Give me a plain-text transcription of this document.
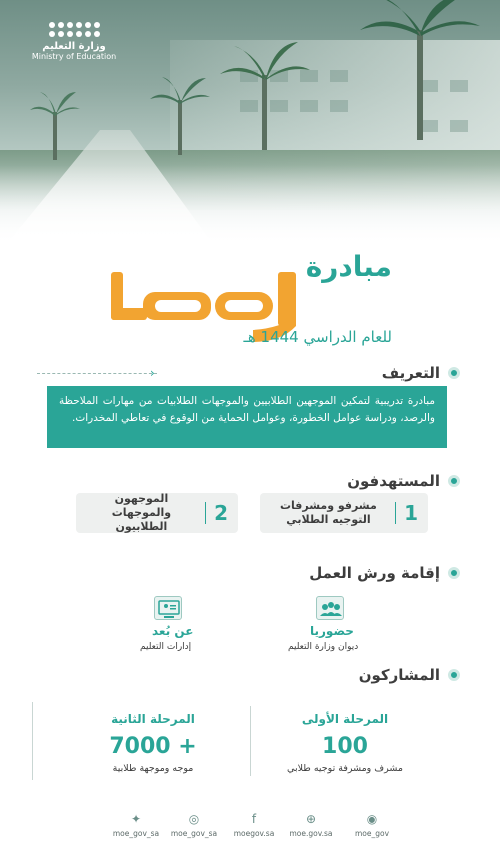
وزارة التعليم
Ministry of Education
مبادرة
للعام الدراسي 1444 هـ
›	التعريف
مبادرة تدريبية لتمكين الموجهين الطلابيين والموجهات الطلابيات من مهارات الملاحظة والرصد، ودراسة عوامل الخطورة، وعوامل الحماية من الوقوع في تعاطي المخدرات.
المستهدفون
1
مشرفو ومشرفات التوجيه الطلابي
2
الموجهون والموجهات الطلابيون
إقامة ورش العمل
حضوريا
ديوان وزارة التعليم
عن بُعد
إدارات التعليم
المشاركون
المرحلة الأولى
100
مشرف ومشرفة توجيه طلابي
المرحلة الثانية
+ 7000
موجه وموجهة طلابية
◉
moe_gov
⊕
moe.gov.sa
f
moegov.sa
◎
moe_gov_sa
✦
moe_gov_sa
